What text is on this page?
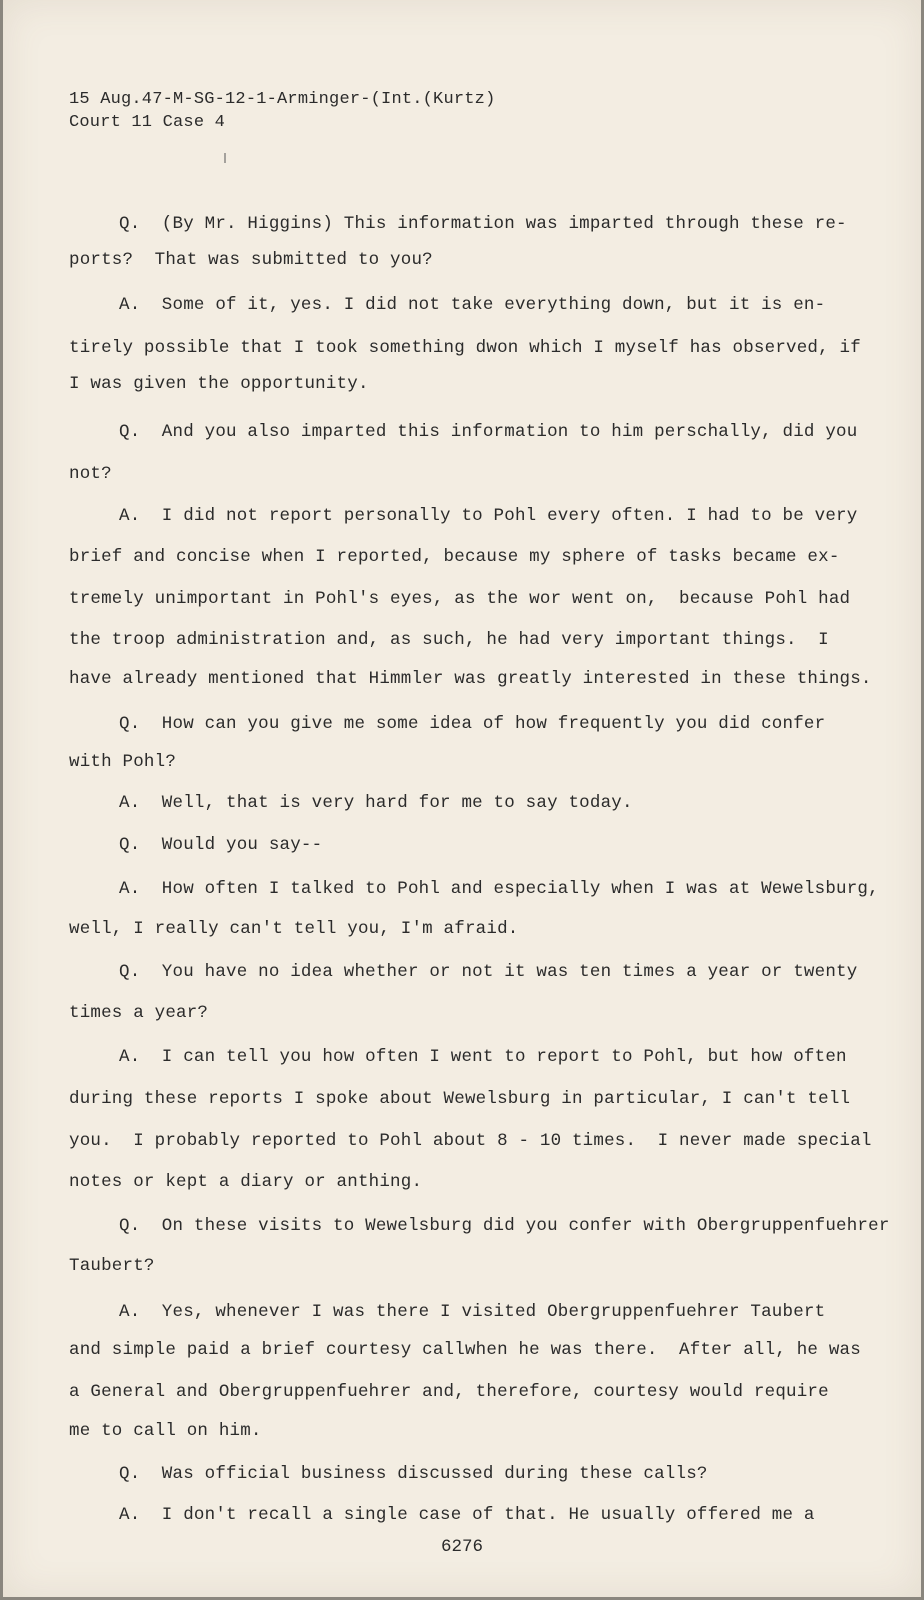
15 Aug.47-M-SG-12-1-Arminger-(Int.(Kurtz)

Court 11 Case 4

Q.  (By Mr. Higgins) This information was imparted through these re-

ports?  That was submitted to you?

A.  Some of it, yes. I did not take everything down, but it is en-

tirely possible that I took something dwon which I myself has observed, if

I was given the opportunity.

Q.  And you also imparted this information to him perschally, did you

not?

A.  I did not report personally to Pohl every often. I had to be very

brief and concise when I reported, because my sphere of tasks became ex-

tremely unimportant in Pohl's eyes, as the wor went on,  because Pohl had

the troop administration and, as such, he had very important things.  I

have already mentioned that Himmler was greatly interested in these things.

Q.  How can you give me some idea of how frequently you did confer

with Pohl?

A.  Well, that is very hard for me to say today.

Q.  Would you say--

A.  How often I talked to Pohl and especially when I was at Wewelsburg,

well, I really can't tell you, I'm afraid.

Q.  You have no idea whether or not it was ten times a year or twenty

times a year?

A.  I can tell you how often I went to report to Pohl, but how often

during these reports I spoke about Wewelsburg in particular, I can't tell

you.  I probably reported to Pohl about 8 - 10 times.  I never made special

notes or kept a diary or anthing.

Q.  On these visits to Wewelsburg did you confer with Obergruppenfuehrer

Taubert?

A.  Yes, whenever I was there I visited Obergruppenfuehrer Taubert

and simple paid a brief courtesy callwhen he was there.  After all, he was

a General and Obergruppenfuehrer and, therefore, courtesy would require

me to call on him.

Q.  Was official business discussed during these calls?

A.  I don't recall a single case of that. He usually offered me a

6276
